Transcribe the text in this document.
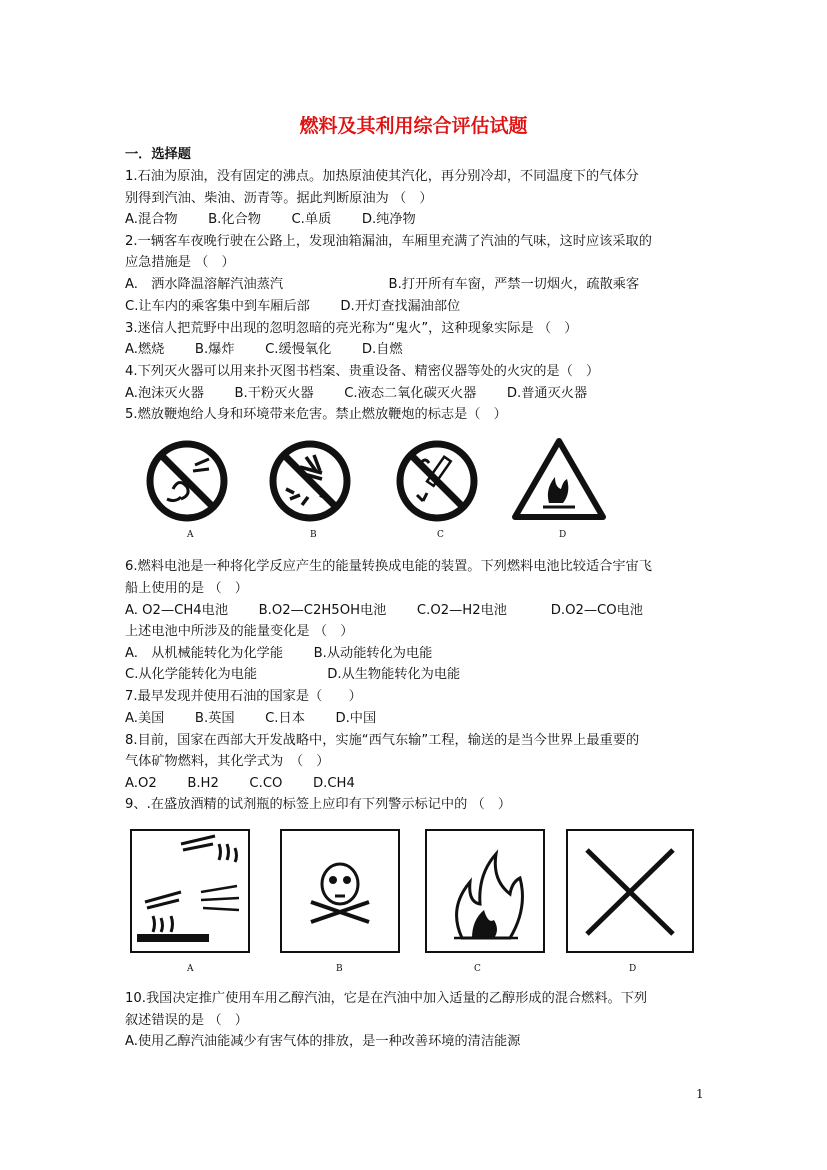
燃料及其利用综合评估试题
一．选择题
1.石油为原油，没有固定的沸点。加热原油使其汽化，再分别冷却，不同温度下的气体分
别得到汽油、柴油、沥青等。据此判断原油为 （　）
A.混合物　　 B.化合物　　 C.单质　　 D.纯净物
2.一辆客车夜晚行驶在公路上，发现油箱漏油，车厢里充满了汽油的气味，这时应该采取的
应急措施是 （　）
A.　洒水降温溶解汽油蒸汽　　　　　　　　B.打开所有车窗，严禁一切烟火，疏散乘客
C.让车内的乘客集中到车厢后部　　 D.开灯查找漏油部位
3.迷信人把荒野中出现的忽明忽暗的亮光称为“鬼火”，这种现象实际是 （　）
A.燃烧　　 B.爆炸　　 C.缓慢氧化　　 D.自燃
4.下列灭火器可以用来扑灭图书档案、贵重设备、精密仪器等处的火灾的是（　）
A.泡沫灭火器　　 B.干粉灭火器　　 C.液态二氧化碳灭火器　　 D.普通灭火器
5.燃放鞭炮给人身和环境带来危害。禁止燃放鞭炮的标志是（　）
A	B	C	D
6.燃料电池是一种将化学反应产生的能量转换成电能的装置。下列燃料电池比较适合宇宙飞
船上使用的是 （　）
A. O2—CH4电池　　 B.O2—C2H5OH电池　　 C.O2—H2电池　　　 D.O2—CO电池
上述电池中所涉及的能量变化是 （　）
A.　从机械能转化为化学能　　 B.从动能转化为电能
C.从化学能转化为电能　　　　　 D.从生物能转化为电能
7.最早发现并使用石油的国家是（　　）
A.美国　　 B.英国　　 C.日本　　 D.中国
8.目前，国家在西部大开发战略中，实施“西气东输”工程，输送的是当今世界上最重要的
气体矿物燃料，其化学式为　（　）
A.O2　　 B.H2　　 C.CO　　 D.CH4
9、.在盛放酒精的试剂瓶的标签上应印有下列警示标记中的 （　）
A	B	C	D
10.我国决定推广使用车用乙醇汽油，它是在汽油中加入适量的乙醇形成的混合燃料。下列
叙述错误的是 （　）
A.使用乙醇汽油能减少有害气体的排放，是一种改善环境的清洁能源
1
